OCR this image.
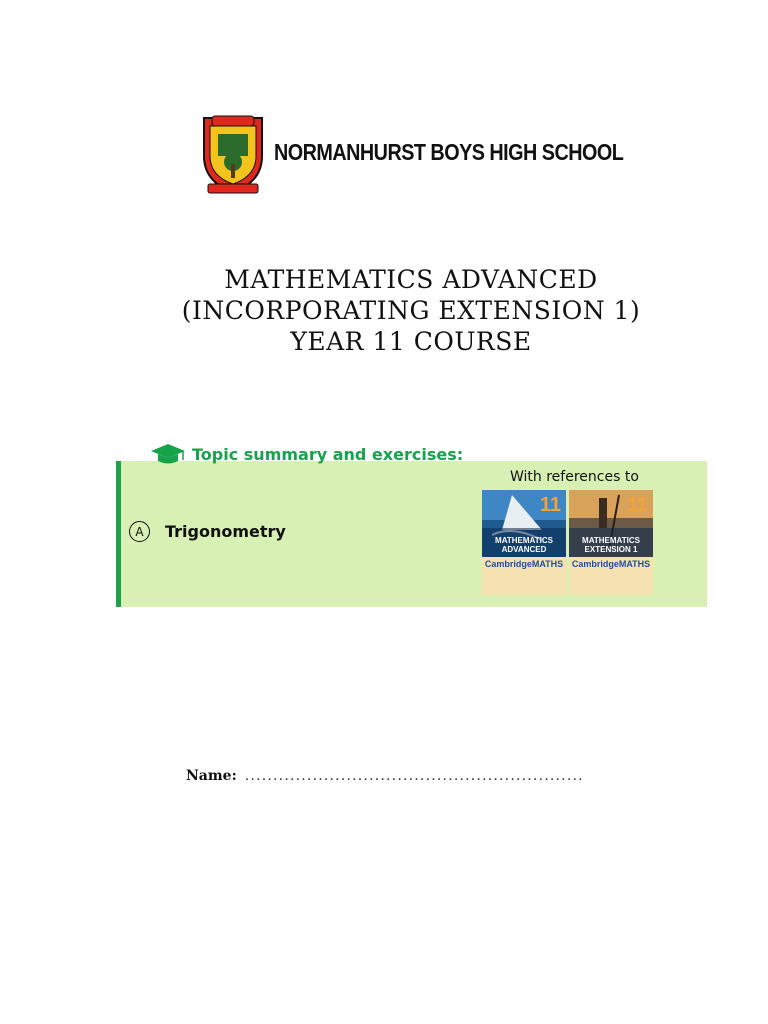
NORMANHURST BOYS HIGH SCHOOL
MATHEMATICS ADVANCED
(INCORPORATING EXTENSION 1)
YEAR 11 COURSE
Topic summary and exercises:
With references to
A	Trigonometry
11
MATHEMATICS
ADVANCED
CambridgeMATHS
11
MATHEMATICS
EXTENSION 1
CambridgeMATHS
Name: ............................................................
